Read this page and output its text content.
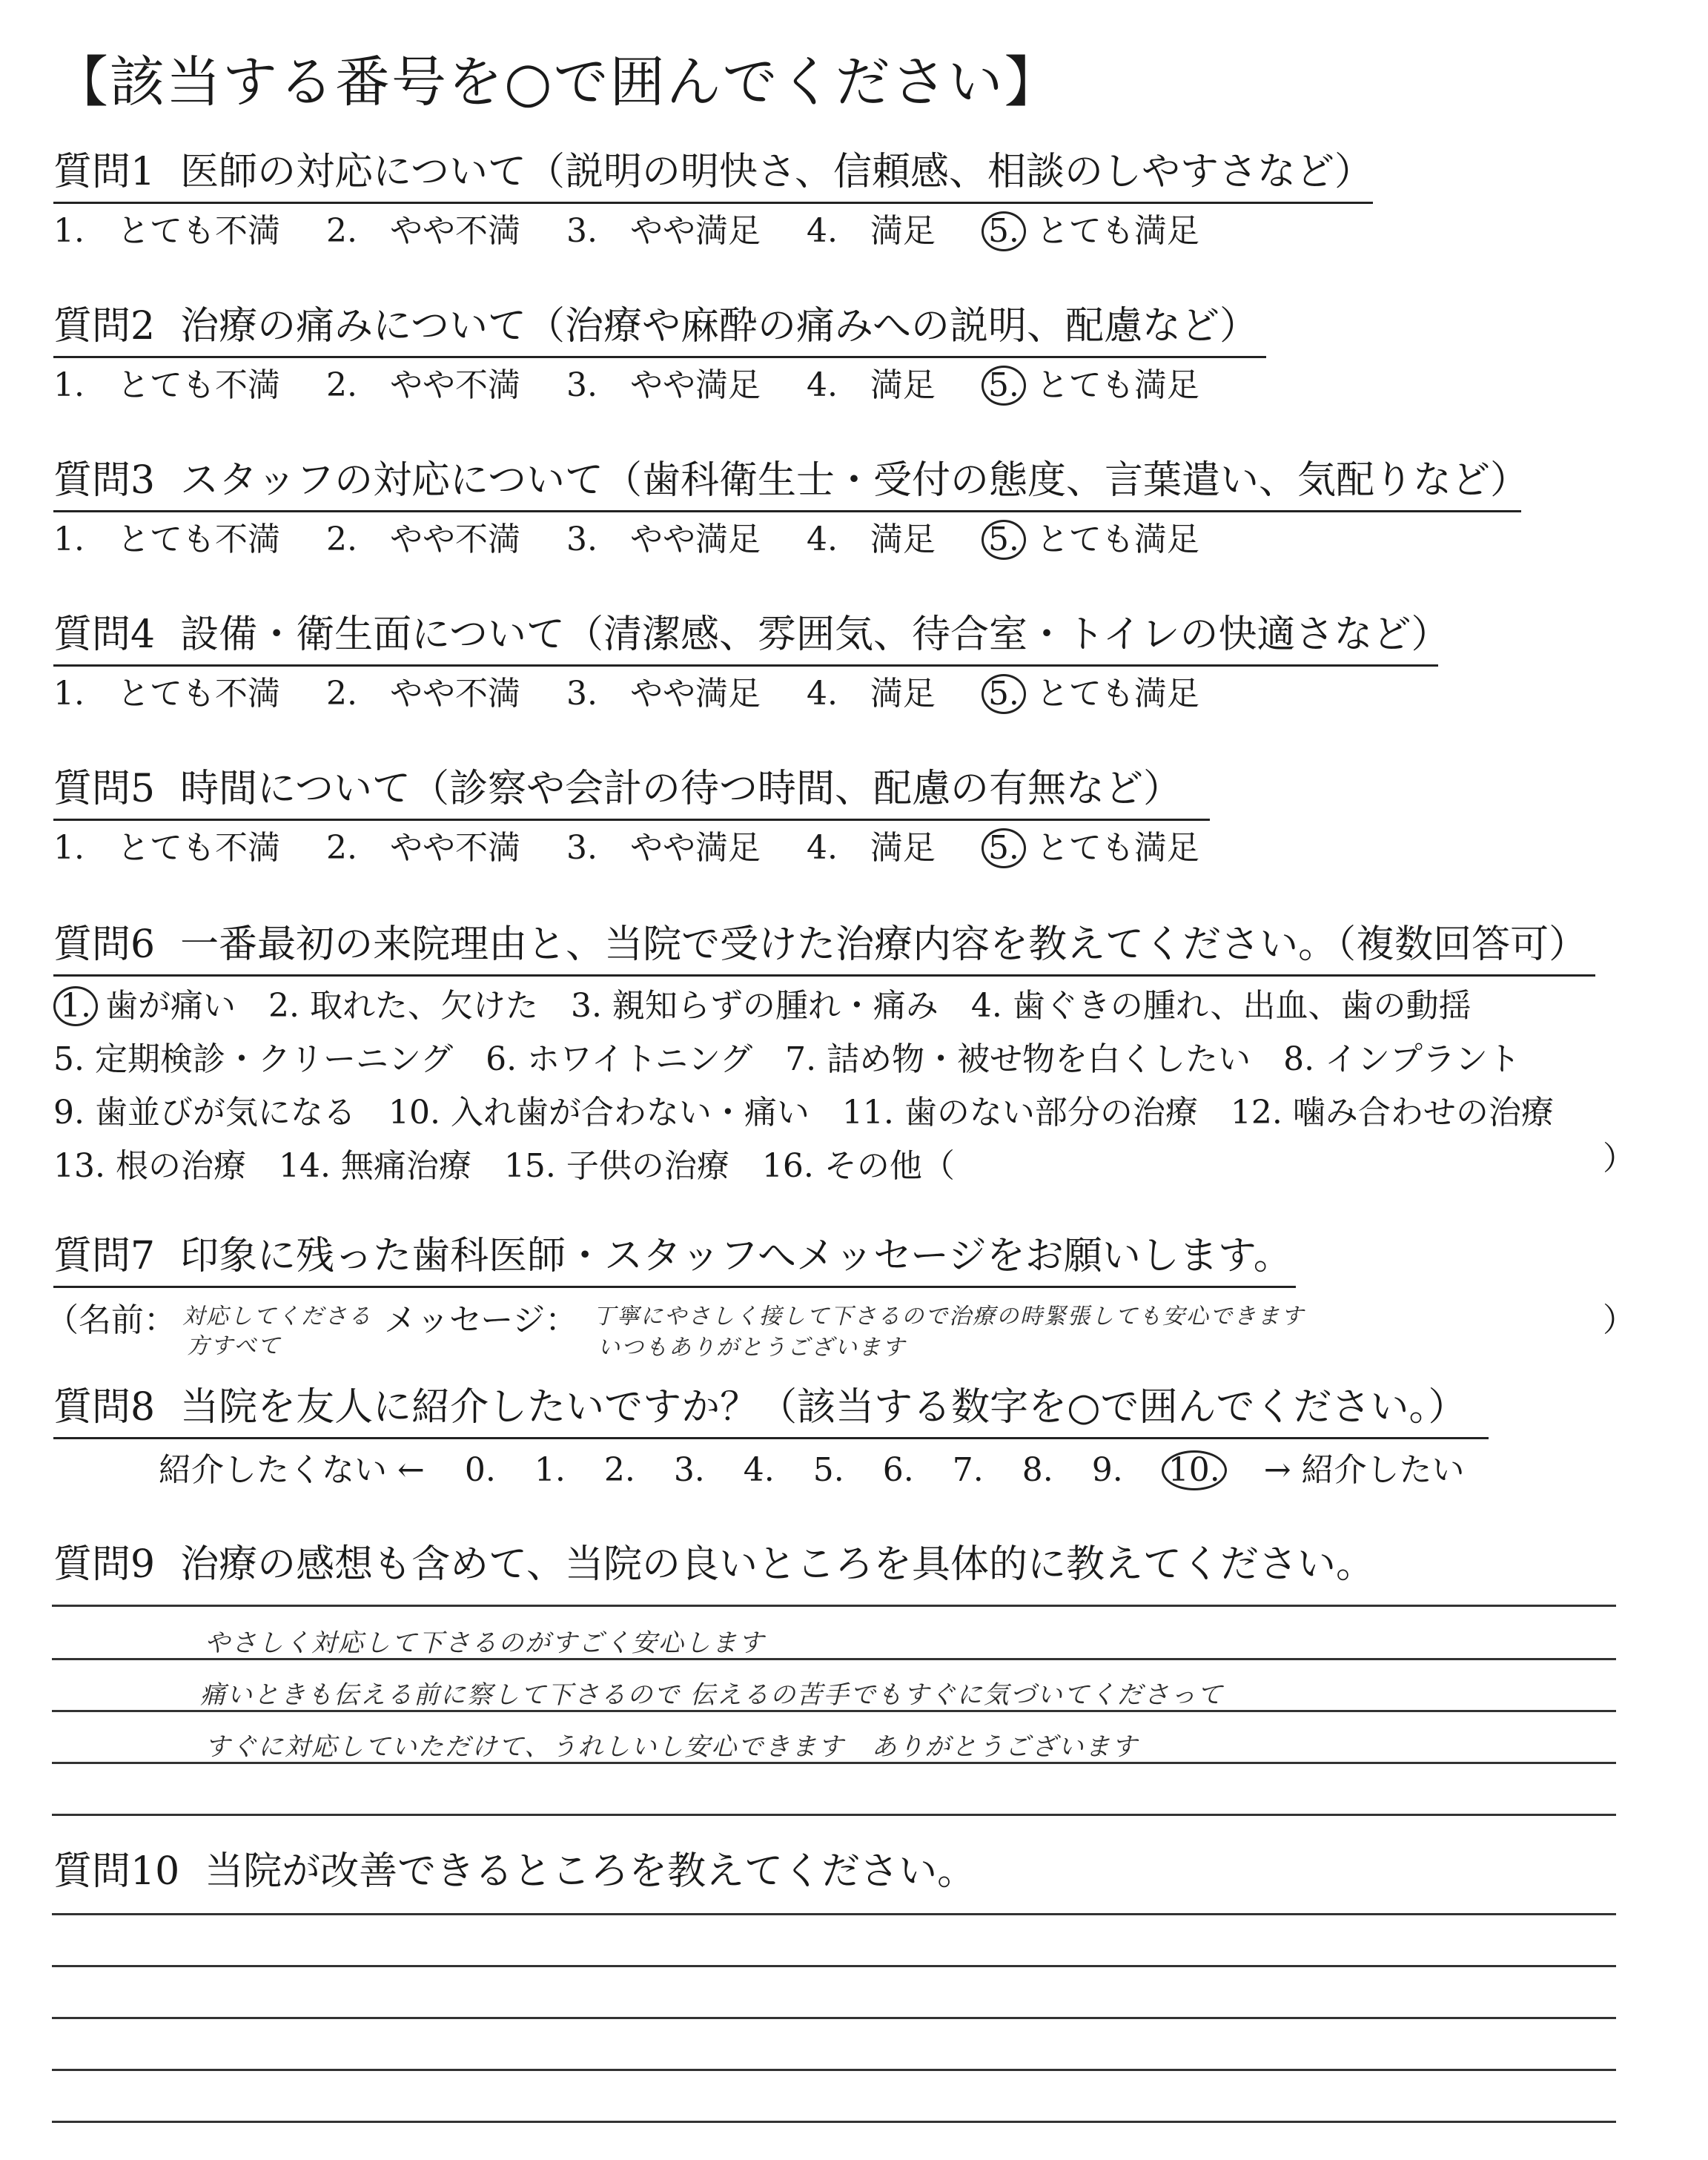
【該当する番号を○で囲んでください】
質問1 医師の対応について（説明の明快さ、信頼感、相談のしやすさなど）
1.　とても不満 2.　やや不満 3.　やや満足 4.　満足 5. とても満足
質問2 治療の痛みについて（治療や麻酔の痛みへの説明、配慮など）
1.　とても不満 2.　やや不満 3.　やや満足 4.　満足 5. とても満足
質問3 スタッフの対応について（歯科衛生士・受付の態度、言葉遣い、気配りなど）
1.　とても不満 2.　やや不満 3.　やや満足 4.　満足 5. とても満足
質問4 設備・衛生面について（清潔感、雰囲気、待合室・トイレの快適さなど）
1.　とても不満 2.　やや不満 3.　やや満足 4.　満足 5. とても満足
質問5 時間について（診察や会計の待つ時間、配慮の有無など）
1.　とても不満 2.　やや不満 3.　やや満足 4.　満足 5. とても満足
質問6 一番最初の来院理由と、当院で受けた治療内容を教えてください。（複数回答可）
1. 歯が痛い 2. 取れた、欠けた 3. 親知らずの腫れ・痛み 4. 歯ぐきの腫れ、出血、歯の動揺
5. 定期検診・クリーニング 6. ホワイトニング 7. 詰め物・被せ物を白くしたい 8. インプラント
9. 歯並びが気になる 10. 入れ歯が合わない・痛い 11. 歯のない部分の治療 12. 噛み合わせの治療
13. 根の治療 14. 無痛治療 15. 子供の治療 16. その他（	）
質問7 印象に残った歯科医師・スタッフへメッセージをお願いします。
（名前： 対応してくださる
方すべて
メッセージ： 丁寧にやさしく接して下さるので治療の時緊張しても安心できます
いつもありがとうございます
）
質問8 当院を友人に紹介したいですか？（該当する数字を○で囲んでください。）
紹介したくない ← 0. 1. 2. 3. 4. 5. 6. 7. 8. 9. 10. → 紹介したい
質問9 治療の感想も含めて、当院の良いところを具体的に教えてください。
やさしく対応して下さるのがすごく安心します
痛いときも伝える前に察して下さるので 伝えるの苦手でもすぐに気づいてくださって
すぐに対応していただけて、うれしいし安心できます　ありがとうございます
質問10 当院が改善できるところを教えてください。
